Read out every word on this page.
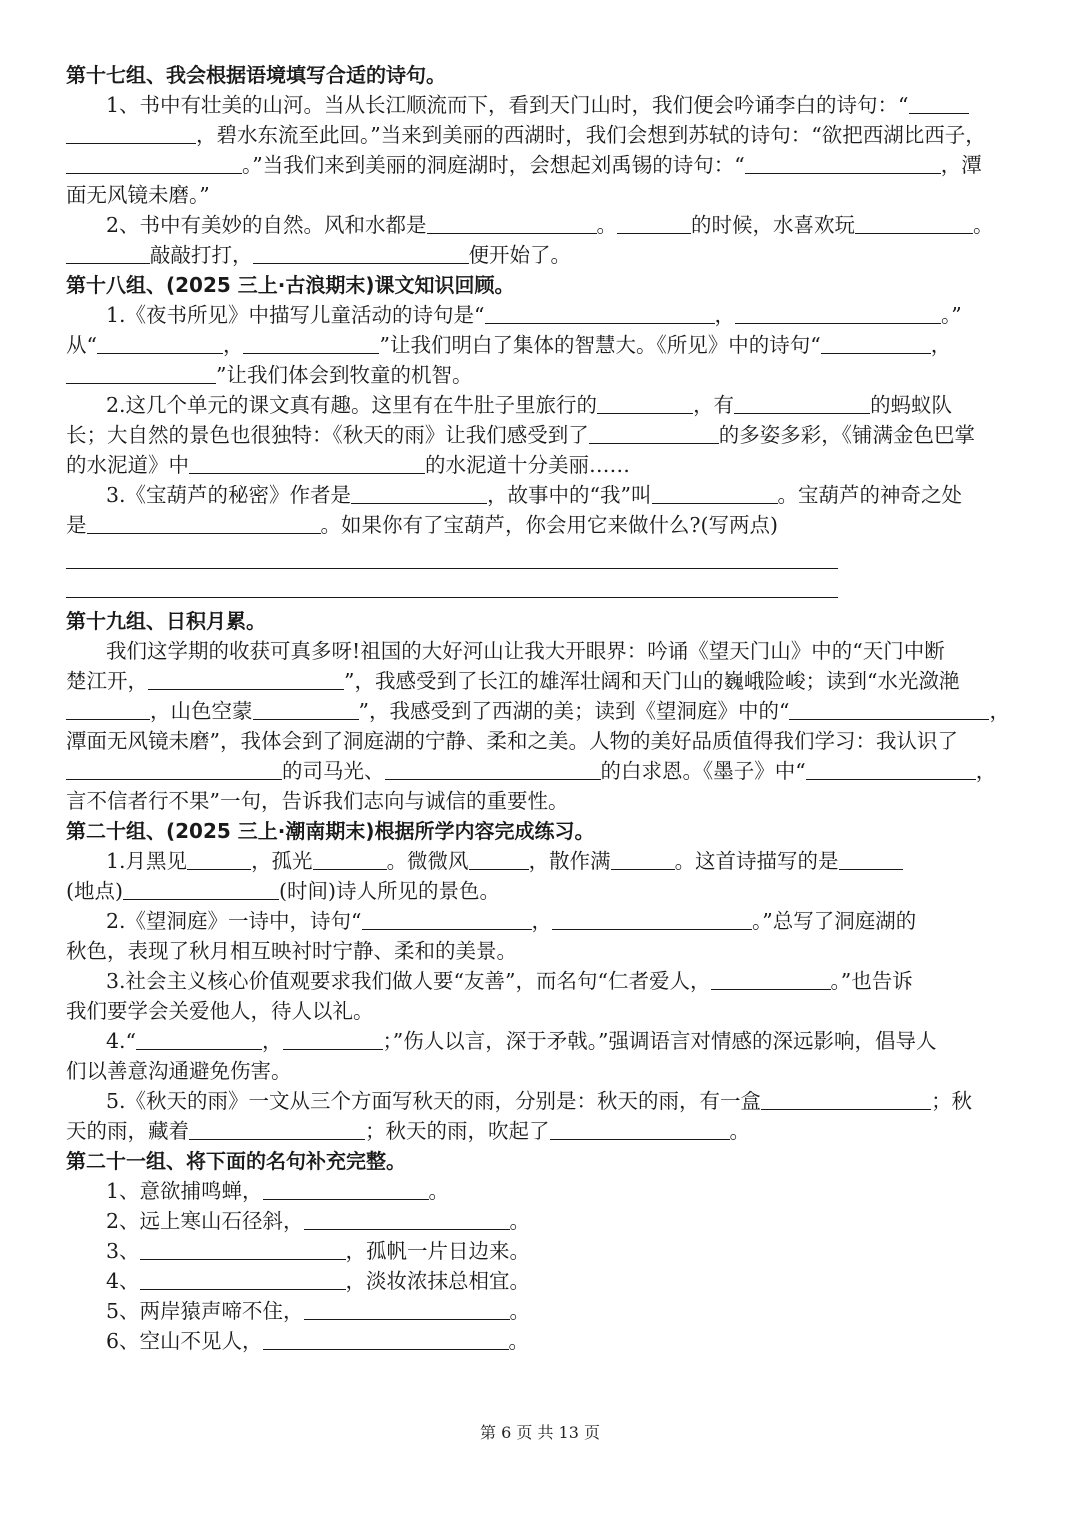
第十七组、我会根据语境填写合适的诗句。
1、书中有壮美的山河。当从长江顺流而下，看到天门山时，我们便会吟诵李白的诗句：“
，碧水东流至此回。”当来到美丽的西湖时，我们会想到苏轼的诗句：“欲把西湖比西子，
。”当我们来到美丽的洞庭湖时，会想起刘禹锡的诗句：“	，潭
面无风镜未磨。”
2、书中有美妙的自然。风和水都是	。	的时候，水喜欢玩	。
敲敲打打，	便开始了。
第十八组、(2025 三上·古浪期末)课文知识回顾。
1.《夜书所见》中描写儿童活动的诗句是“	，	。”
从“	，	”让我们明白了集体的智慧大。《所见》中的诗句“	，
”让我们体会到牧童的机智。
2.这几个单元的课文真有趣。这里有在牛肚子里旅行的	，有	的蚂蚁队
长；大自然的景色也很独特：《秋天的雨》让我们感受到了	的多姿多彩，《铺满金色巴掌
的水泥道》中	的水泥道十分美丽……
3.《宝葫芦的秘密》作者是	，故事中的“我”叫	。宝葫芦的神奇之处
是	。如果你有了宝葫芦，你会用它来做什么?(写两点)
第十九组、日积月累。
我们这学期的收获可真多呀!祖国的大好河山让我大开眼界：吟诵《望天门山》中的“天门中断
楚江开，	”，我感受到了长江的雄浑壮阔和天门山的巍峨险峻；读到“水光潋滟
，山色空蒙	”，我感受到了西湖的美；读到《望洞庭》中的“	，
潭面无风镜未磨”，我体会到了洞庭湖的宁静、柔和之美。人物的美好品质值得我们学习：我认识了
的司马光、	的白求恩。《墨子》中“	，
言不信者行不果”一句，告诉我们志向与诚信的重要性。
第二十组、(2025 三上·潮南期末)根据所学内容完成练习。
1.月黑见	，孤光	。微微风	，散作满	。这首诗描写的是
(地点)	(时间)诗人所见的景色。
2.《望洞庭》一诗中，诗句“	，	。”总写了洞庭湖的
秋色，表现了秋月相互映衬时宁静、柔和的美景。
3.社会主义核心价值观要求我们做人要“友善”，而名句“仁者爱人，	。”也告诉
我们要学会关爱他人，待人以礼。
4.“	，	；”伤人以言，深于矛戟。”强调语言对情感的深远影响，倡导人
们以善意沟通避免伤害。
5.《秋天的雨》一文从三个方面写秋天的雨，分别是：秋天的雨，有一盒	；秋
天的雨，藏着	；秋天的雨，吹起了	。
第二十一组、将下面的名句补充完整。
1、意欲捕鸣蝉，	。
2、远上寒山石径斜，	。
3、	，孤帆一片日边来。
4、	，淡妆浓抹总相宜。
5、两岸猿声啼不住，	。
6、空山不见人，	。
第 6 页 共 13 页
